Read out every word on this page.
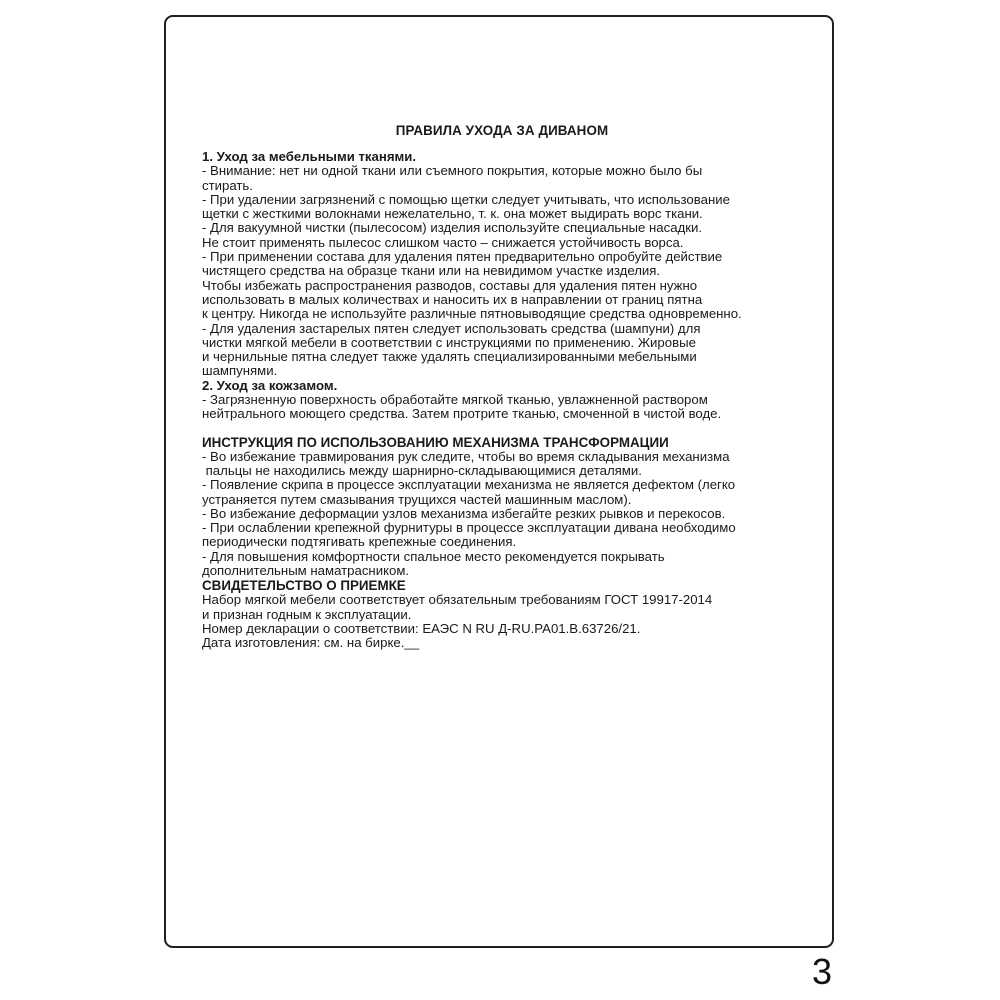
ПРАВИЛА УХОДА ЗА ДИВАНОМ
1. Уход за мебельными тканями.
- Внимание: нет ни одной ткани или съемного покрытия, которые можно было бы
стирать.
- При удалении загрязнений с помощью щетки следует учитывать, что использование
щетки с жесткими волокнами нежелательно, т. к. она может выдирать ворс ткани.
- Для вакуумной чистки (пылесосом) изделия используйте специальные насадки.
Не стоит применять пылесос слишком часто – снижается устойчивость ворса.
- При применении состава для удаления пятен предварительно опробуйте действие
чистящего средства на образце ткани или на невидимом участке изделия.
Чтобы избежать распространения разводов, составы для удаления пятен нужно
использовать в малых количествах и наносить их в направлении от границ пятна
к центру. Никогда не используйте различные пятновыводящие средства одновременно.
- Для удаления застарелых пятен следует использовать средства (шампуни) для
чистки мягкой мебели в соответствии с инструкциями по применению. Жировые
и чернильные пятна следует также удалять специализированными мебельными
шампунями.
2. Уход за кожзамом.
- Загрязненную поверхность обработайте мягкой тканью, увлажненной раствором
нейтрального моющего средства. Затем протрите тканью, смоченной в чистой воде.
ИНСТРУКЦИЯ ПО ИСПОЛЬЗОВАНИЮ МЕХАНИЗМА ТРАНСФОРМАЦИИ
- Во избежание травмирования рук следите, чтобы во время складывания механизма
пальцы не находились между шарнирно-складывающимися деталями.
- Появление скрипа в процессе эксплуатации механизма не является дефектом (легко
устраняется путем смазывания трущихся частей машинным маслом).
- Во избежание деформации узлов механизма избегайте резких рывков и перекосов.
- При ослаблении крепежной фурнитуры в процессе эксплуатации дивана необходимо
периодически подтягивать крепежные соединения.
- Для повышения комфортности спальное место рекомендуется покрывать
дополнительным наматрасником.
СВИДЕТЕЛЬСТВО О ПРИЕМКЕ
Набор мягкой мебели соответствует обязательным требованиям ГОСТ 19917-2014
и признан годным к эксплуатации.
Номер декларации о соответствии: ЕАЭС N RU Д-RU.РА01.В.63726/21.
Дата изготовления: см. на бирке.__
3
